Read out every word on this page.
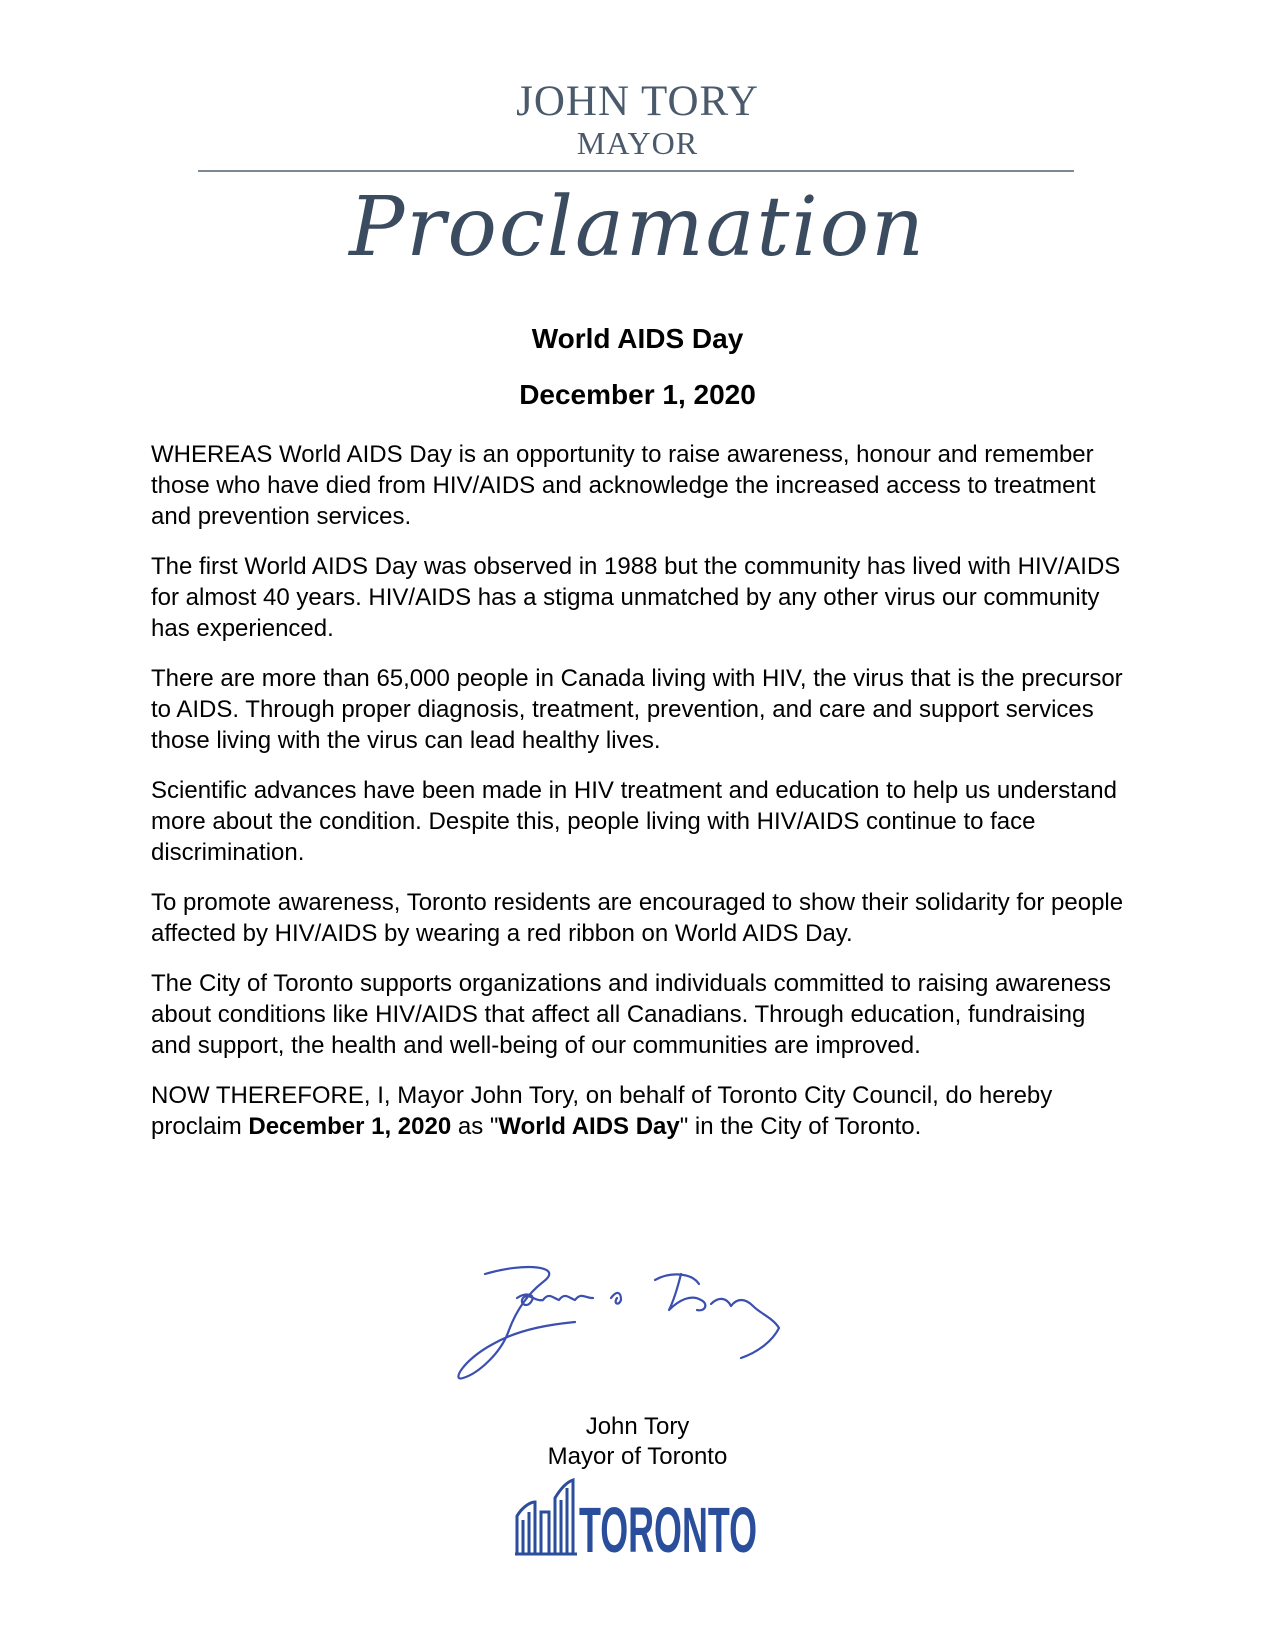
JOHN TORY
MAYOR
Proclamation
World AIDS Day
December 1, 2020

WHEREAS World AIDS Day is an opportunity to raise awareness, honour and remember those who have died from HIV/AIDS and acknowledge the increased access to treatment and prevention services.

The first World AIDS Day was observed in 1988 but the community has lived with HIV/AIDS for almost 40 years. HIV/AIDS has a stigma unmatched by any other virus our community has experienced.

There are more than 65,000 people in Canada living with HIV, the virus that is the precursor to AIDS. Through proper diagnosis, treatment, prevention, and care and support services those living with the virus can lead healthy lives.

Scientific advances have been made in HIV treatment and education to help us understand more about the condition. Despite this, people living with HIV/AIDS continue to face discrimination.

To promote awareness, Toronto residents are encouraged to show their solidarity for people affected by HIV/AIDS by wearing a red ribbon on World AIDS Day.

The City of Toronto supports organizations and individuals committed to raising awareness about conditions like HIV/AIDS that affect all Canadians. Through education, fundraising and support, the health and well-being of our communities are improved.

NOW THEREFORE, I, Mayor John Tory, on behalf of Toronto City Council, do hereby proclaim December 1, 2020 as "World AIDS Day" in the City of Toronto.

John Tory
Mayor of Toronto
TORONTO
